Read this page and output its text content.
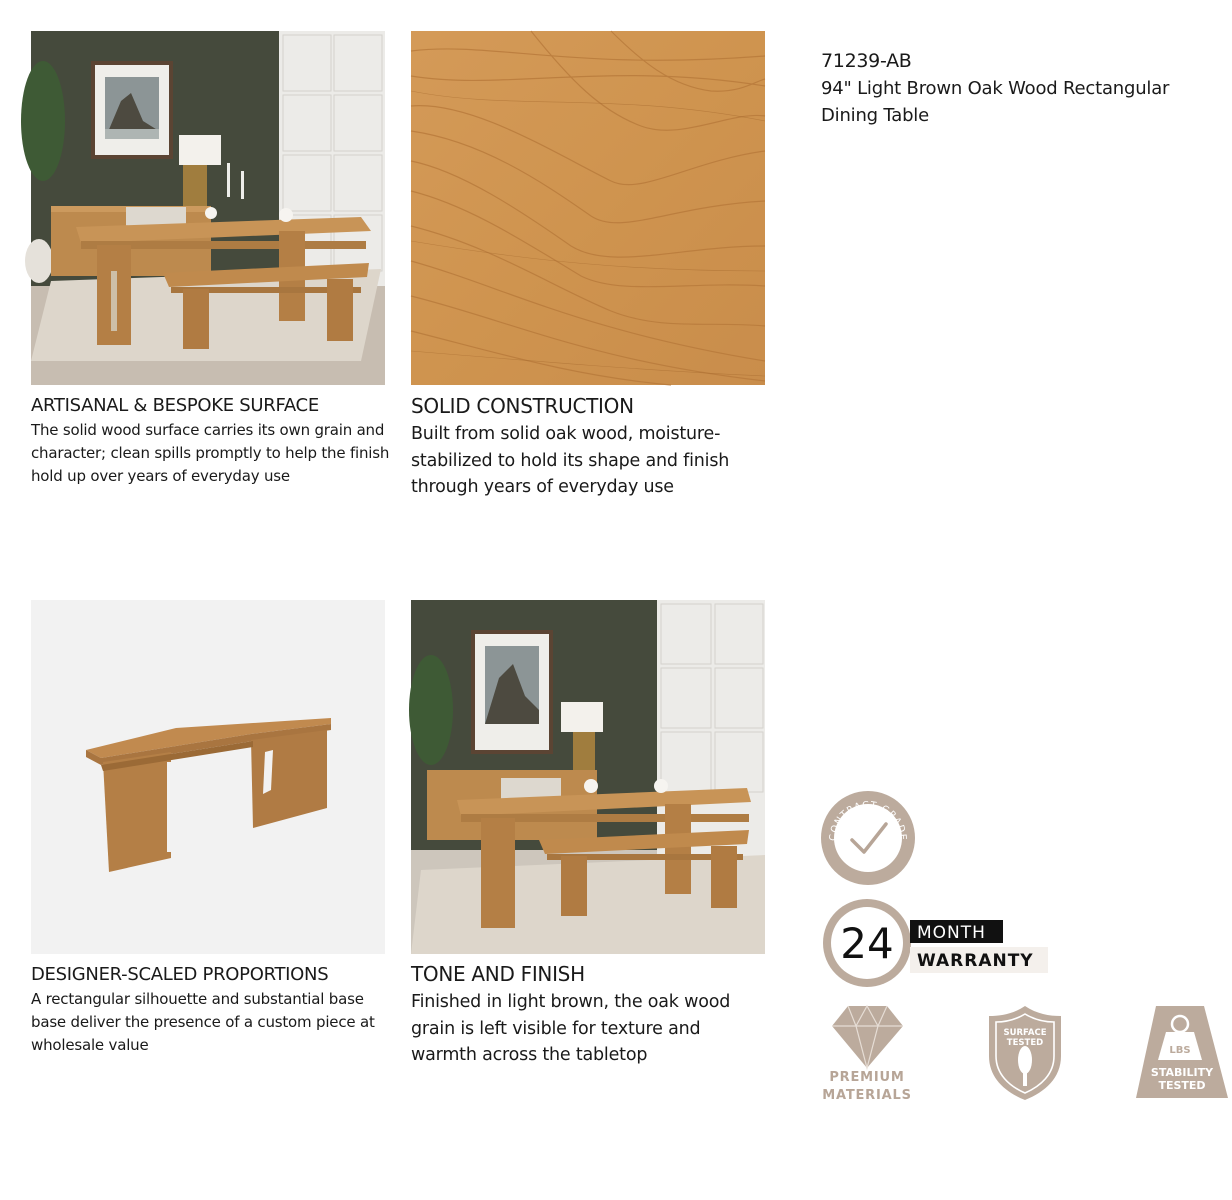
ARTISANAL & BESPOKE SURFACE

The solid wood surface carries its own grain and character; clean spills promptly to help the finish hold up over years of everyday use

SOLID CONSTRUCTION

Built from solid oak wood, moisture-stabilized to hold its shape and finish through years of everyday use

DESIGNER-SCALED PROPORTIONS

A rectangular silhouette and substantial base base deliver the presence of a custom piece at wholesale value

TONE AND FINISH

Finished in light brown, the oak wood grain is left visible for texture and warmth across the tabletop

71239-AB
94" Light Brown Oak Wood Rectangular Dining Table
CONTRACT GRADE
24 MONTH
WARRANTY
PREMIUM
MATERIALS
SURFACE
TESTED
LBS
STABILITY
TESTED
